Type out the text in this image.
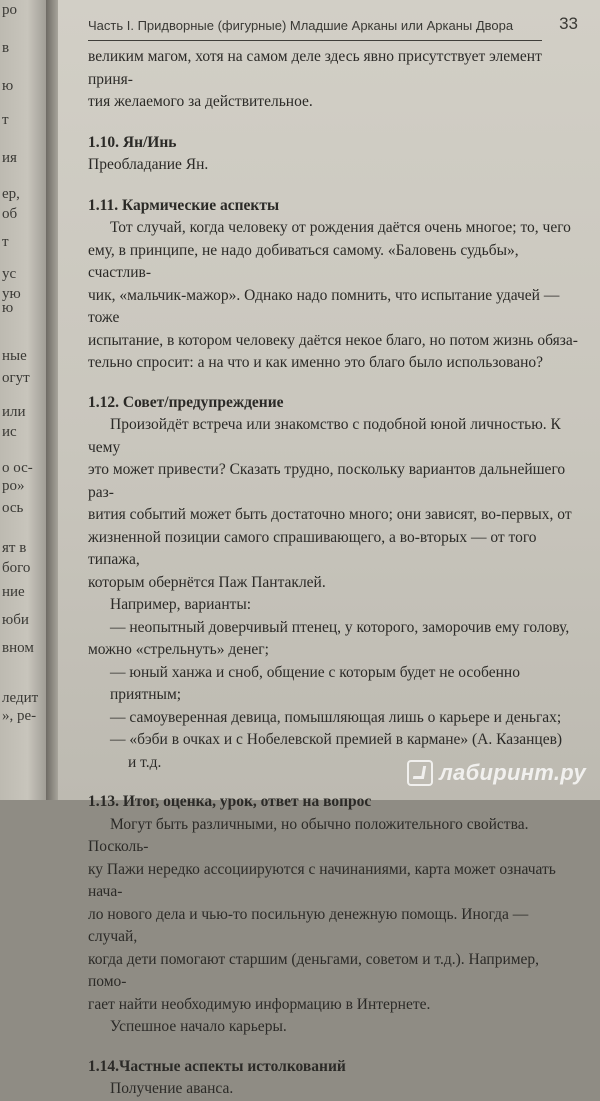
ро
в
ю
т
ия
ер,
об
т
ус
ую
ю
ные
огут
или
ис
о ос-
ро»
ось
ят в
бого
ние
юби
вном
ледит
», ре-
Часть I. Придворные (фигурные) Младшие Арканы или Арканы Двора	33

великим магом, хотя на самом деле здесь явно присутствует элемент приня-

тия желаемого за действительное.

1.10. Ян/Инь

Преобладание Ян.

1.11. Кармические аспекты

Тот случай, когда человеку от рождения даётся очень многое; то, чего

ему, в принципе, не надо добиваться самому. «Баловень судьбы», счастлив-

чик, «мальчик-мажор». Однако надо помнить, что испытание удачей — тоже

испытание, в котором человеку даётся некое благо, но потом жизнь обяза-

тельно спросит: а на что и как именно это благо было использовано?

1.12. Совет/предупреждение

Произойдёт встреча или знакомство с подобной юной личностью. К чему

это может привести? Сказать трудно, поскольку вариантов дальнейшего раз-

вития событий может быть достаточно много; они зависят, во-первых, от

жизненной позиции самого спрашивающего, а во-вторых — от того типажа,

которым обернётся Паж Пантаклей.

Например, варианты:

— неопытный доверчивый птенец, у которого, заморочив ему голову,

можно «стрельнуть» денег;

— юный ханжа и сноб, общение с которым будет не особенно приятным;

— самоуверенная девица, помышляющая лишь о карьере и деньгах;

— «бэби в очках и с Нобелевской премией в кармане» (А. Казанцев)

и т.д.

1.13. Итог, оценка, урок, ответ на вопрос

Могут быть различными, но обычно положительного свойства. Посколь-

ку Пажи нередко ассоциируются с начинаниями, карта может означать нача-

ло нового дела и чью-то посильную денежную помощь. Иногда — случай,

когда дети помогают старшим (деньгами, советом и т.д.). Например, помо-

гает найти необходимую информацию в Интернете.

Успешное начало карьеры.

1.14.Частные аспекты истолкований

Получение аванса.

лабиринт.ру
